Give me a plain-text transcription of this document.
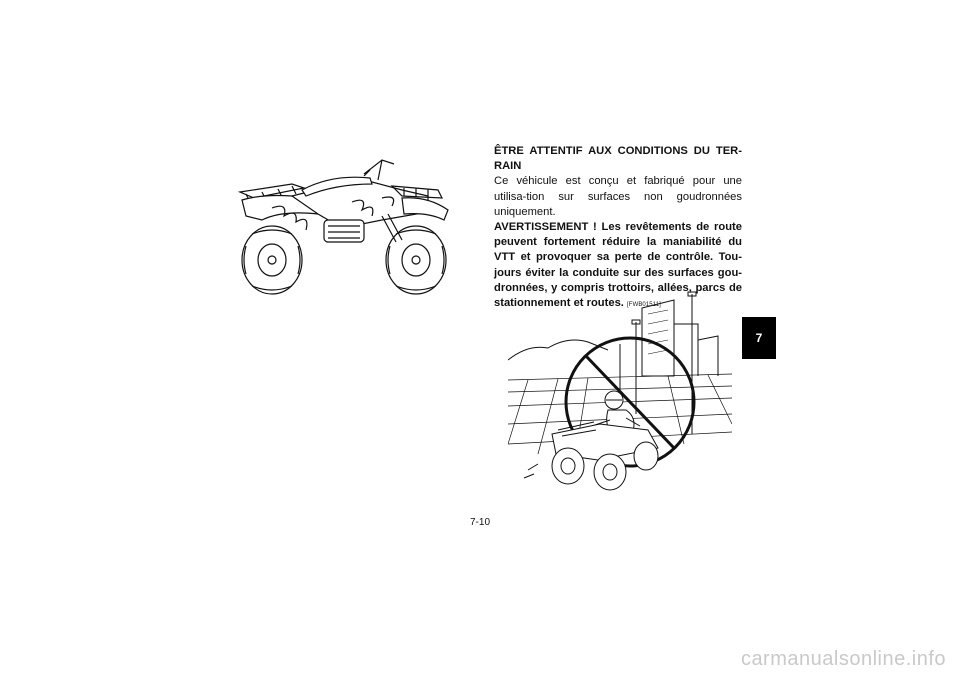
ÊTRE ATTENTIF AUX CONDITIONS DU TER-RAIN
Ce véhicule est conçu et fabriqué pour une utilisa-tion sur surfaces non goudronnées uniquement.
AVERTISSEMENT ! Les revêtements de route peuvent fortement réduire la maniabilité du VTT et provoquer sa perte de contrôle. Tou-jours éviter la conduite sur des surfaces gou-dronnées, y compris trottoirs, allées, parcs de stationnement et routes. [FWB01511]
7
7-10
carmanualsonline.info
